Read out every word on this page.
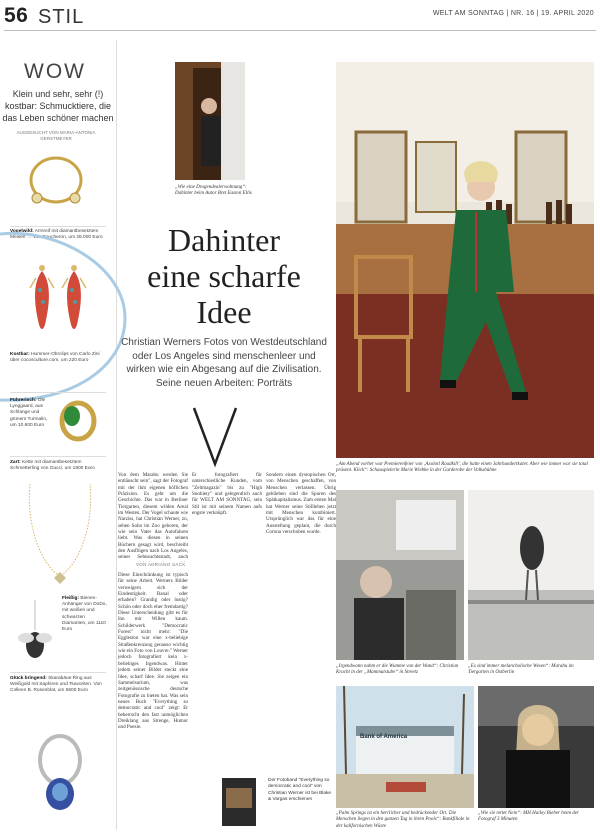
56 STIL	WELT AM SONNTAG | NR. 16 | 19. APRIL 2020
WOW
Klein und sehr, sehr (!) kostbar: Schmucktiere, die das Leben schöner machen
AUSGESUCHT VON MARIA-ANTONIA GERSTMEYER
Vogelwild: Armreif mit diamantbesetztem Meisen … Von Boucheron, um 28.000 Euro
Kostbar: Hummer-Ohrclips von Carlo Zini über cocosculture.com, um 220 Euro
Führerisch: Ole Lynggaard, aus Schlange und grünem Turmalin, um 10.600 Euro
Zart: Kette mit diamantbesetztem Schmetterling von Gucci, um 1800 Euro
Fleißig: Bienen-Anhänger von DoDo, mit weißen und schwarzen Diamanten, um 1110 Euro
Glück bringend: Skarabäus-Ring aus Weißgold mit Saphiren und Tsavoriten. Von Colleen B. Rosenblat, um 5600 Euro
„Wie eine Drogendealerwohnung“: Dahinter beim Autor Bret Easton Ellis
Dahinter
eine scharfe
Idee
Christian Werners Fotos von Westdeutschland oder Los Angeles sind menschenleer und wirken wie ein Abgesang auf die Zivilisation. Seine neuen Arbeiten: Porträts
„Am Abend vorher war Premierenfeier von ‚Axolotl Roadkill‘, die hatte einen Jahrhundertkater. Aber wie immer war sie total präsent. Klick“: Schauspielerin Marie Wiebke in der Garderobe der Volksbühne
Von dem Marabu werden Sie entläuscht sein", sagt der Fotograf mit der ihm eigenen höflichen Präzision. Es geht um die Geschichte. Das war in Berliner Tiergarten, diesem wilden Areal im Westen. Der Vogel schaute wie Narziss, hat Christian Werner, zu, sehen Sohn im Zoo geboren, der wie sein Vater das Autofahren liebt. Was diesen in seinen Büchern gesagt wird, beschreibt den Ausflügen nach Los Angeles, seiner Sehnsuchtsstadt, auch
VON ADRIANO SACK
Diese Einschränkung ist typisch für seine Arbeit. Werners Bilder verweigern sich der Eindeutigkeit. Banal oder erhaben? Grandig oder lustig? Schön oder doch eher fremdartig? Diese Unterscheidung gibt es für ihn mit Willen kaum. Schilderwerk "Democratic Forest" nicht mehr: "Die Eggleston war eine x-beliebige Straßenkreuzung genauso wichtig wie ein Foto von Louvre." Werner jedoch fotografiert kein x-beliebiges Irgendwas. Hinter jedem seiner Bilder steckt eine Idee, scharf Idee. Sie zeigen ein Sammelsurium, was zeitgenössische deutsche Fotografie zu bieten hat. Was sein neues Buch "Everything so democratic and cool" zeigt: Er beherrscht den fast unmöglichen Dreiklang aus Strenge, Humor und Poesie.
Er fotografiert für unterschiedliche Kunden, vom "Zeitmagazin" bis zu "High Snobiety" und gelegentlich auch für WELT AM SONNTAG, sein Stil ist mit seinem Namen aufs engste verknüpft.
Sondern einen dystopischen Ort, von Menschen geschaffen, von Menschen verlassen. Übrig geblieben sind die Spuren des Spätkapitalismus. Zum ersten Mal hat Werner seine Stillleben jetzt mit Menschen kombiniert. Ursprünglich war das für eine Ausstellung geplant, die durch Corona verschoben wurde.
Der Fotoband "Everything so democratic and cool" von Christian Werner ist bei Blake & Vargas erschienen
„Irgendwann nahm er die Wumme von der Wand“: Christian Kracht in der „Mammutstube“ in Streetz
„Es sind immer melancholische Wesen“: Marabu im Tiergarten in Ostberlin
Bank of America
„Palm Springs ist ein herrlicher und bedrückender Ort. Die Menschen liegen in den ganzen Tag in ihren Pools“: Bankfiliale in der kalifornischen Wüste
„Wie sie rettet Nein“: MH Hailey Bieber beim der Fotograf 3 Minuten
